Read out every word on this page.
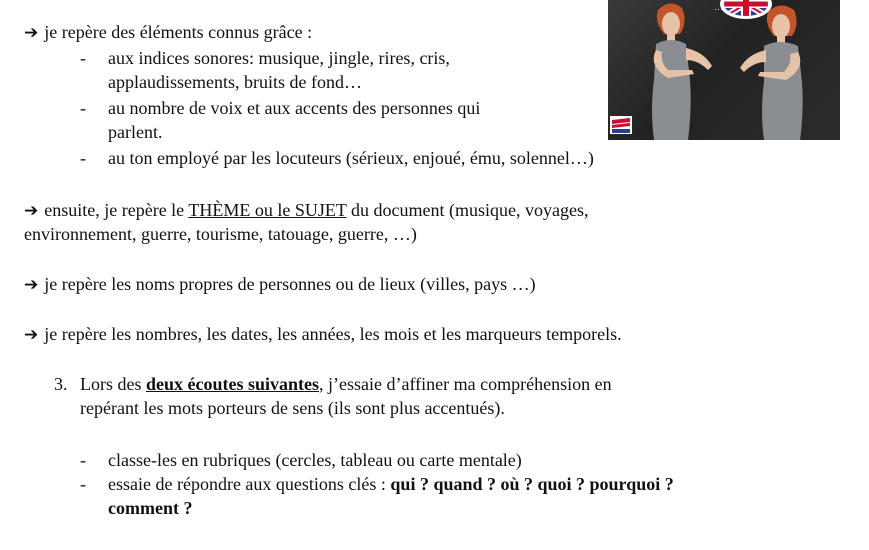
…
➔ je repère des éléments connus grâce :
- aux indices sonores: musique, jingle, rires, cris,
applaudissements, bruits de fond…
- au nombre de voix et aux accents des personnes qui
parlent.
- au ton employé par les locuteurs (sérieux, enjoué, ému, solennel…)
➔ ensuite, je repère le THÈME ou le SUJET du document (musique, voyages,
environnement, guerre, tourisme, tatouage, guerre, …)
➔ je repère les noms propres de personnes ou de lieux (villes, pays …)
➔ je repère les nombres, les dates, les années, les mois et les marqueurs temporels.
3. Lors des deux écoutes suivantes, j’essaie d’affiner ma compréhension en
repérant les mots porteurs de sens (ils sont plus accentués).
- classe-les en rubriques (cercles, tableau ou carte mentale)
- essaie de répondre aux questions clés : qui ? quand ? où ? quoi ? pourquoi ?
comment ?
